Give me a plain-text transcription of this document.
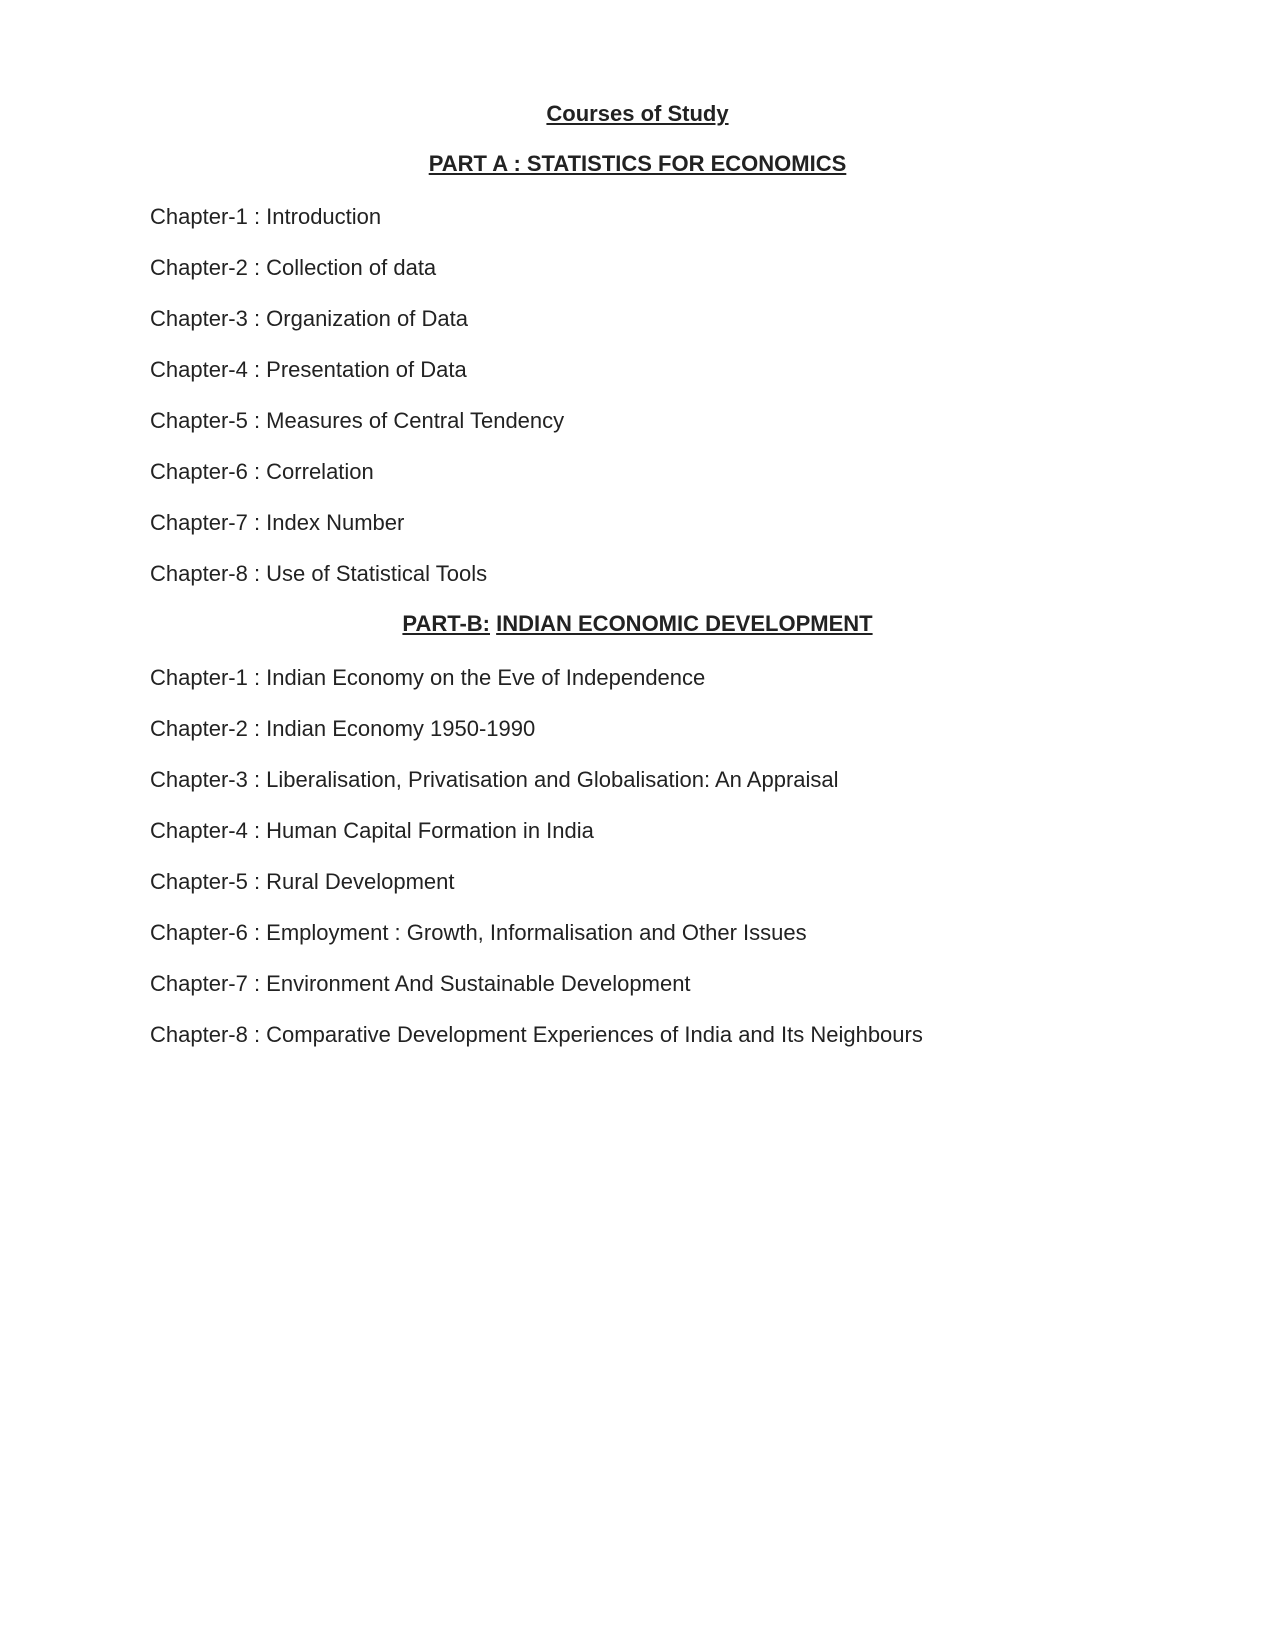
Courses of Study
PART A : STATISTICS FOR ECONOMICS
Chapter-1 : Introduction
Chapter-2 : Collection of data
Chapter-3 : Organization of Data
Chapter-4 : Presentation of Data
Chapter-5 : Measures of Central Tendency
Chapter-6 : Correlation
Chapter-7 : Index Number
Chapter-8 : Use of Statistical Tools
PART-B: INDIAN ECONOMIC DEVELOPMENT
Chapter-1 : Indian Economy on the Eve of Independence
Chapter-2 : Indian Economy 1950-1990
Chapter-3 : Liberalisation, Privatisation and Globalisation: An Appraisal
Chapter-4 : Human Capital Formation in India
Chapter-5 : Rural Development
Chapter-6 : Employment : Growth, Informalisation and Other Issues
Chapter-7 : Environment And Sustainable Development
Chapter-8 : Comparative Development Experiences of India and Its Neighbours
